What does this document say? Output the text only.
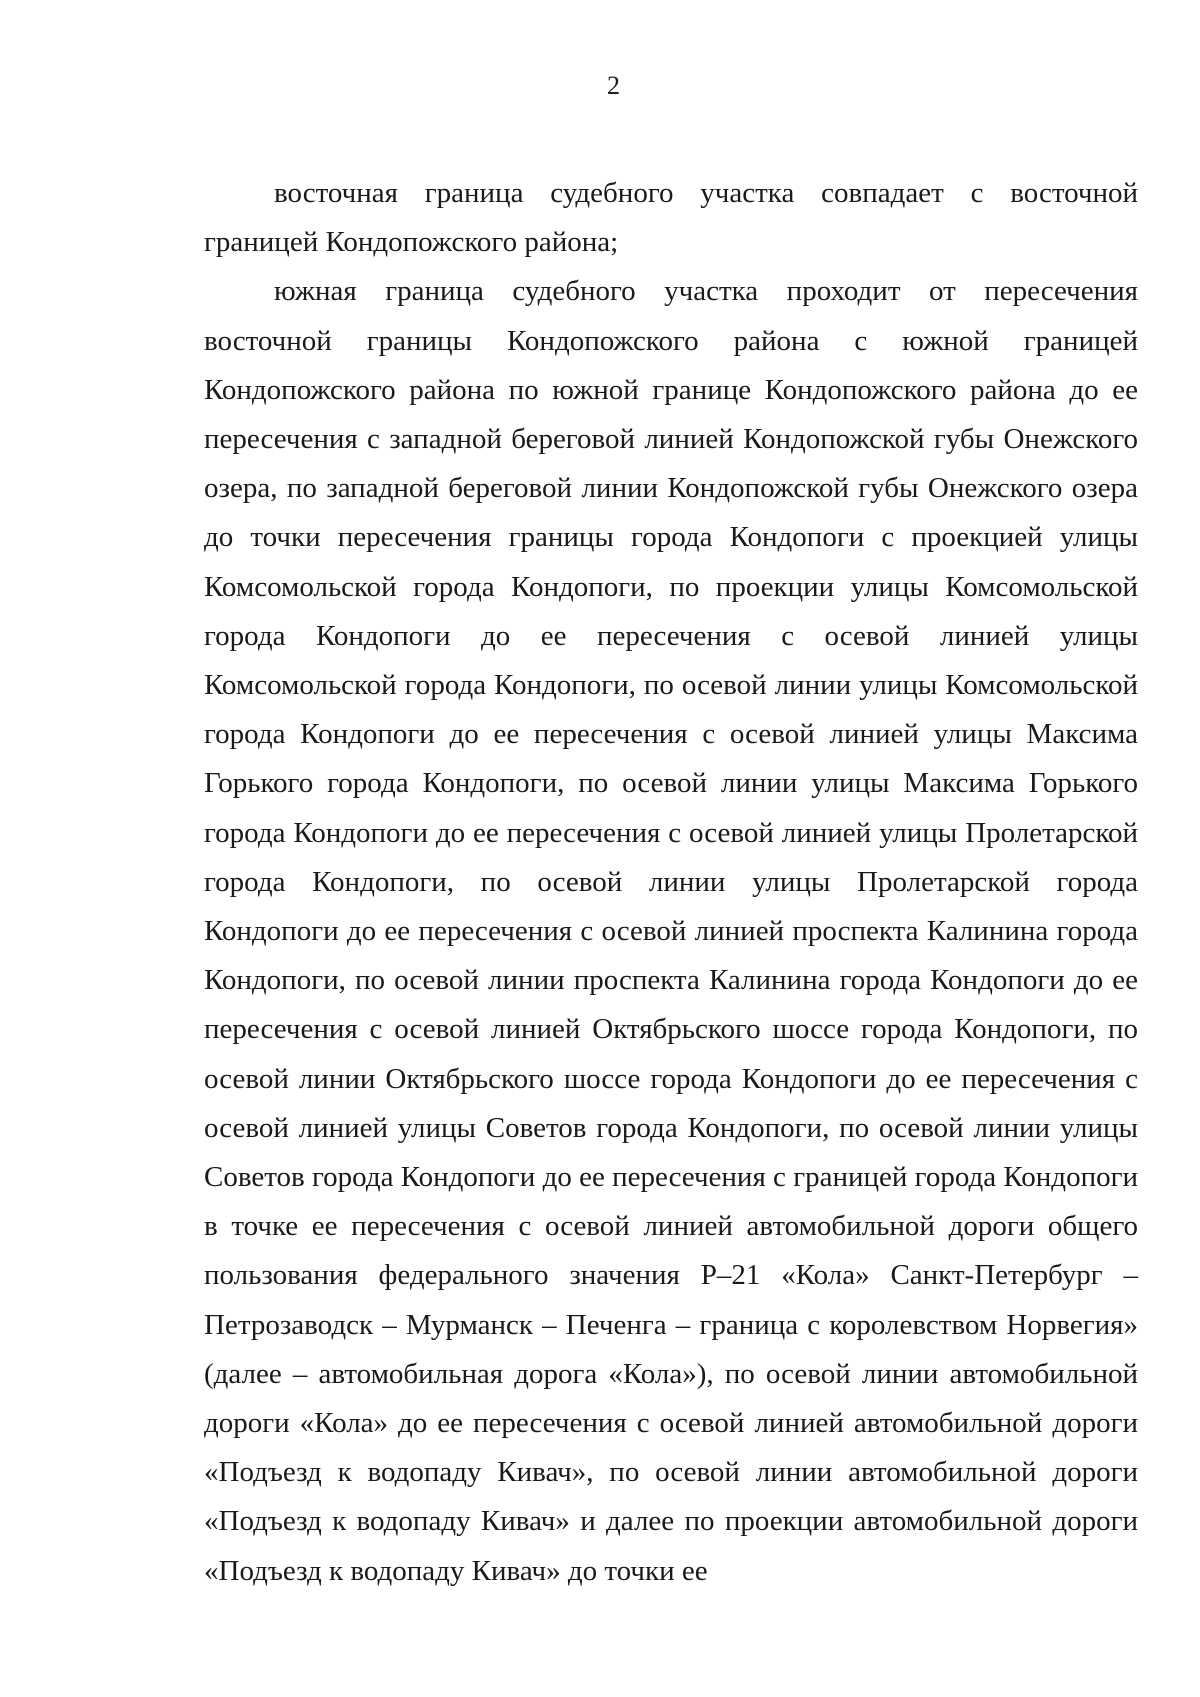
2

восточная граница судебного участка совпадает с восточной границей Кондопожского района;

южная граница судебного участка проходит от пересечения восточной границы Кондопожского района с южной границей Кондопожского района по южной границе Кондопожского района до ее пересечения с западной береговой линией Кондопожской губы Онежского озера, по западной береговой линии Кондопожской губы Онежского озера до точки пересечения границы города Кондопоги с проекцией улицы Комсомольской города Кондопоги, по проекции улицы Комсомольской города Кондопоги до ее пересечения с осевой линией улицы Комсомольской города Кондопоги, по осевой линии улицы Комсомольской города Кондопоги до ее пересечения с осевой линией улицы Максима Горького города Кондопоги, по осевой линии улицы Максима Горького города Кондопоги до ее пересечения с осевой линией улицы Пролетарской города Кондопоги, по осевой линии улицы Пролетарской города Кондопоги до ее пересечения с осевой линией проспекта Калинина города Кондопоги, по осевой линии проспекта Калинина города Кондопоги до ее пересечения с осевой линией Октябрьского шоссе города Кондопоги, по осевой линии Октябрьского шоссе города Кондопоги до ее пересечения с осевой линией улицы Советов города Кондопоги, по осевой линии улицы Советов города Кондопоги до ее пересечения с границей города Кондопоги в точке ее пересечения с осевой линией автомобильной дороги общего пользования федерального значения Р–21 «Кола» Санкт-Петербург – Петрозаводск – Мурманск – Печенга – граница с королевством Норвегия» (далее – автомобильная дорога «Кола»), по осевой линии автомобильной дороги «Кола» до ее пересечения с осевой линией автомобильной дороги «Подъезд к водопаду Кивач», по осевой линии автомобильной дороги «Подъезд к водопаду Кивач» и далее по проекции автомобильной дороги «Подъезд к водопаду Кивач» до точки ее
